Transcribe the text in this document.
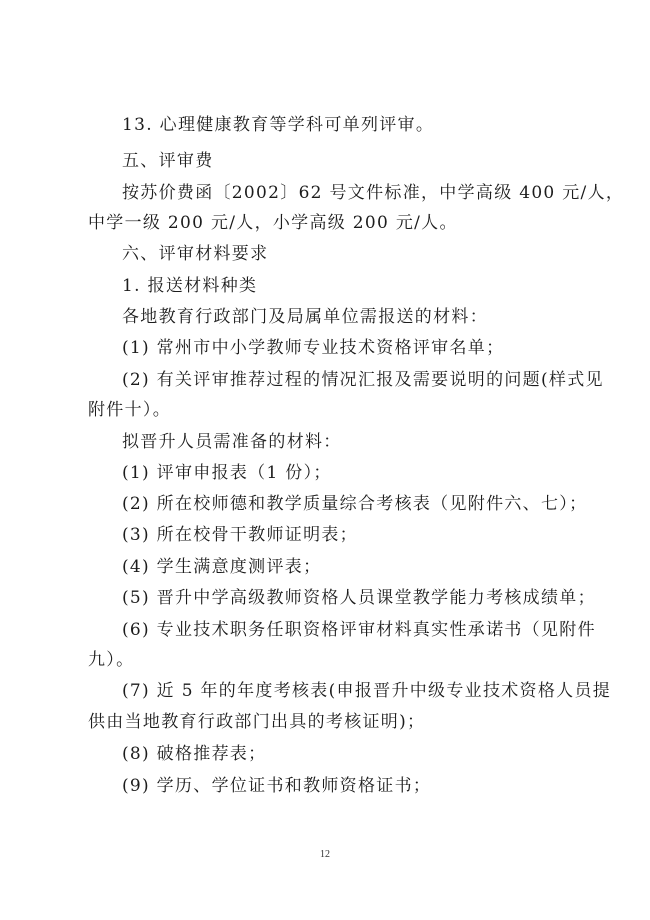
13. 心理健康教育等学科可单列评审。
五、评审费
按苏价费函〔2002〕62 号文件标准，中学高级 400 元/人，
中学一级 200 元/人，小学高级 200 元/人。
六、评审材料要求
1. 报送材料种类
各地教育行政部门及局属单位需报送的材料：
(1) 常州市中小学教师专业技术资格评审名单；
(2) 有关评审推荐过程的情况汇报及需要说明的问题(样式见
附件十）。
拟晋升人员需准备的材料：
(1) 评审申报表（1 份）；
(2) 所在校师德和教学质量综合考核表（见附件六、七）；
(3) 所在校骨干教师证明表；
(4) 学生满意度测评表；
(5) 晋升中学高级教师资格人员课堂教学能力考核成绩单；
(6) 专业技术职务任职资格评审材料真实性承诺书（见附件
九）。
(7) 近 5 年的年度考核表(申报晋升中级专业技术资格人员提
供由当地教育行政部门出具的考核证明)；
(8) 破格推荐表；
(9) 学历、学位证书和教师资格证书；
12
